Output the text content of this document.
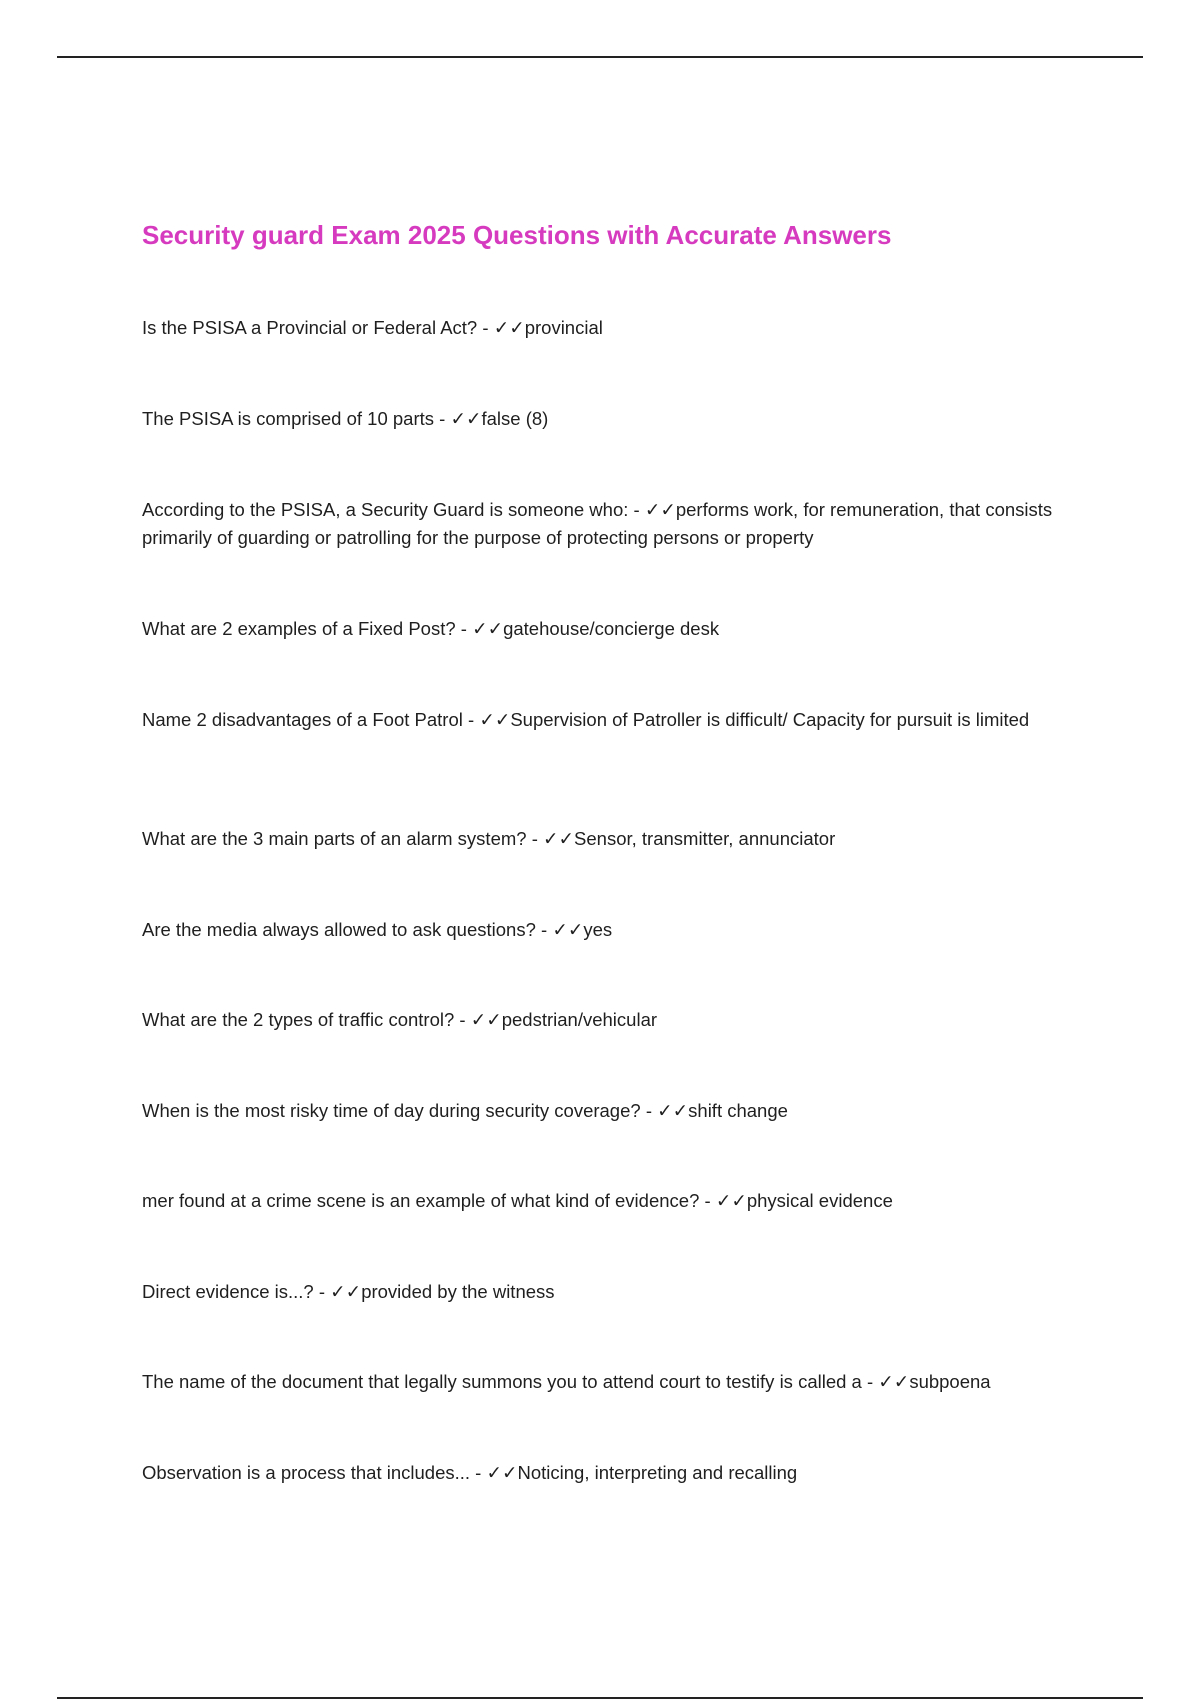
Security guard Exam 2025 Questions with Accurate Answers

Is the PSISA a Provincial or Federal Act? - ✓✓provincial

The PSISA is comprised of 10 parts - ✓✓false (8)

According to the PSISA, a Security Guard is someone who: - ✓✓performs work, for remuneration, that consists primarily of guarding or patrolling for the purpose of protecting persons or property

What are 2 examples of a Fixed Post? - ✓✓gatehouse/concierge desk

Name 2 disadvantages of a Foot Patrol - ✓✓Supervision of Patroller is difficult/ Capacity for pursuit is limited

What are the 3 main parts of an alarm system? - ✓✓Sensor, transmitter, annunciator

Are the media always allowed to ask questions? - ✓✓yes

What are the 2 types of traffic control? - ✓✓pedstrian/vehicular

When is the most risky time of day during security coverage? - ✓✓shift change

mer found at a crime scene is an example of what kind of evidence? - ✓✓physical evidence

Direct evidence is...? - ✓✓provided by the witness

The name of the document that legally summons you to attend court to testify is called a - ✓✓subpoena

Observation is a process that includes... - ✓✓Noticing, interpreting and recalling
